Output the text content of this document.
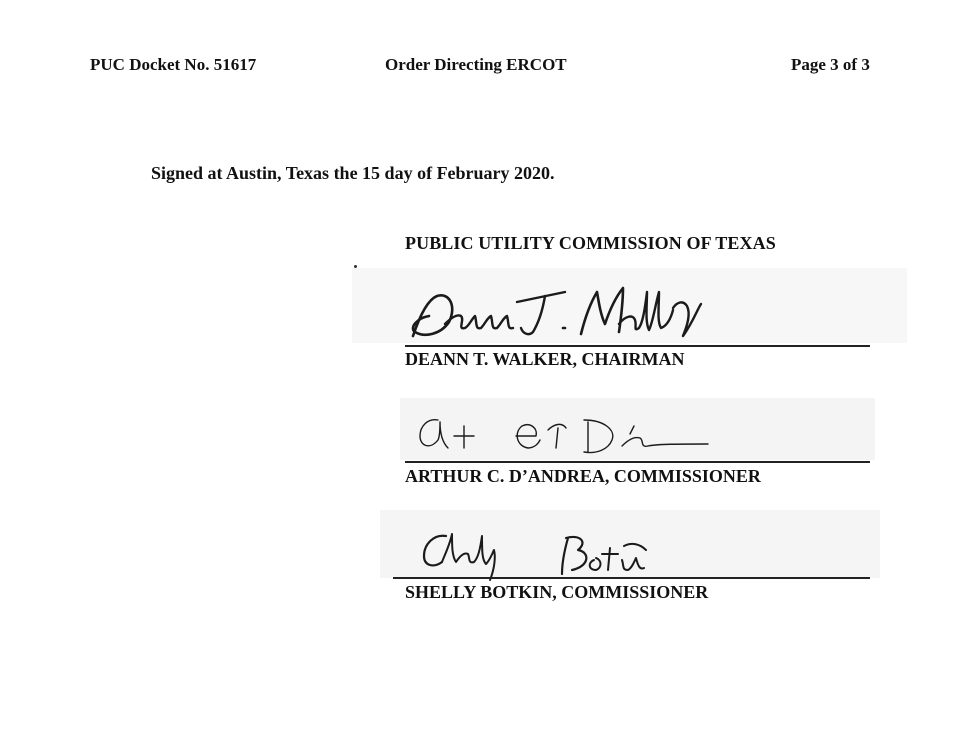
PUC Docket No. 51617	Order Directing ERCOT	Page 3 of 3
Signed at Austin, Texas the 15 day of February 2020.
PUBLIC UTILITY COMMISSION OF TEXAS
DEANN T. WALKER, CHAIRMAN
ARTHUR C. D’ANDREA, COMMISSIONER
SHELLY BOTKIN, COMMISSIONER
